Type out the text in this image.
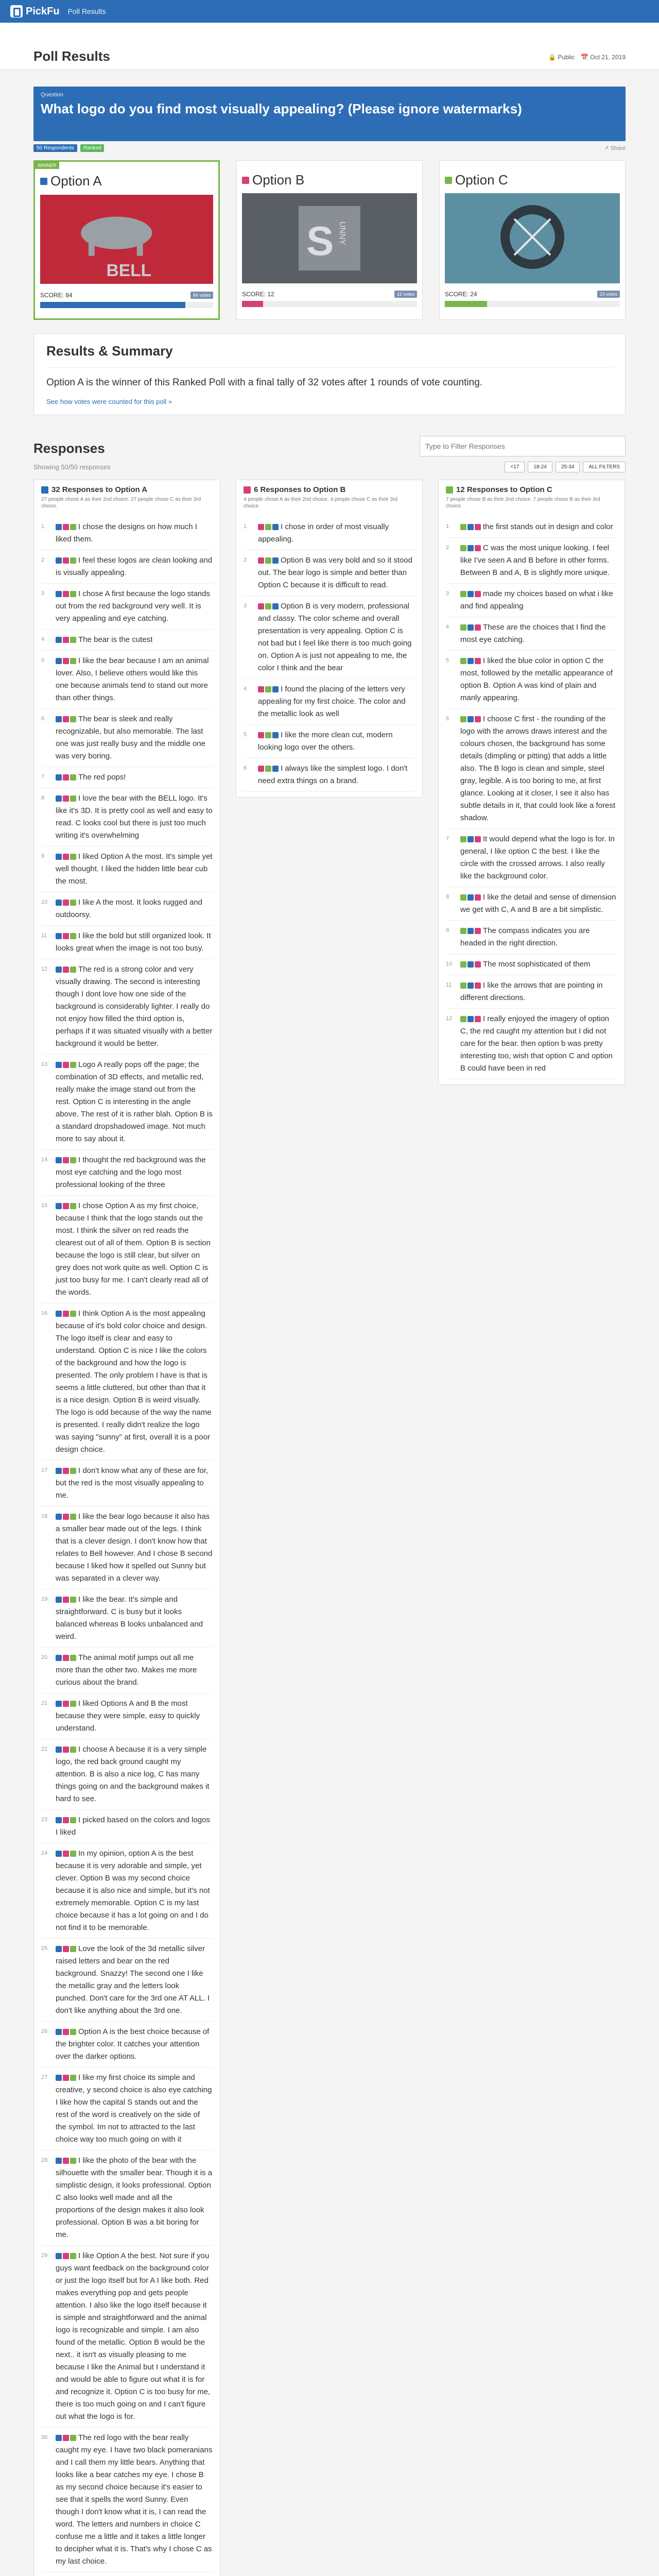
PickFu Poll Results
Poll Results	🔒 Public 📅 Oct 21, 2019
Question
What logo do you find most visually appealing? (Please ignore watermarks)
50 Respondents	Ranked	↗ Share
WINNER
Option A
BELL
SCORE: 84	84 votes
Option B
S UNNY
SCORE: 12	12 votes
Option C
SCORE: 24	24 votes
Results & Summary

Option A is the winner of this Ranked Poll with a final tally of 32 votes after 1 rounds of vote counting.

See how votes were counted for this poll »
Responses
Type to Filter Responses
Showing 50/50 responses	<17	18-24	25-34	ALL FILTERS
32 Responses to Option A
27 people chose A as their 2nd choice. 27 people chose C as their 3rd choice.
1	I chose the designs on how much I liked them.
2	I feel these logos are clean looking and is visually appealing.
3	I chose A first because the logo stands out from the red background very well. It is very appealing and eye catching.
4	The bear is the cutest
5	I like the bear because I am an animal lover. Also, I believe others would like this one because animals tend to stand out more than other things.
6	The bear is sleek and really recognizable, but also memorable. The last one was just really busy and the middle one was very boring.
7	The red pops!
8	I love the bear with the BELL logo. It's like it's 3D. It is pretty cool as well and easy to read. C looks cool but there is just too much writing it's overwhelming
9	I liked Option A the most. It's simple yet well thought. I liked the hidden little bear cub the most.
10	I like A the most. It looks rugged and outdoorsy.
11	I like the bold but still organized look. It looks great when the image is not too busy.
12	The red is a strong color and very visually drawing. The second is interesting though I dont love how one side of the background is considerably lighter. I really do not enjoy how filled the third option is, perhaps if it was situated visually with a better background it would be better.
13	Logo A really pops off the page; the combination of 3D effects, and metallic red, really make the image stand out from the rest. Option C is interesting in the angle above. The rest of it is rather blah. Option B is a standard dropshadowed image. Not much more to say about it.
14	I thought the red background was the most eye catching and the logo most professional looking of the three
15	I chose Option A as my first choice, because I think that the logo stands out the most. I think the silver on red reads the clearest out of all of them. Option B is section because the logo is still clear, but silver on grey does not work quite as well. Option C is just too busy for me. I can't clearly read all of the words.
16	I think Option A is the most appealing because of it's bold color choice and design. The logo itself is clear and easy to understand. Option C is nice I like the colors of the background and how the logo is presented. The only problem I have is that is seems a little cluttered, but other than that it is a nice design. Option B is weird visually. The logo is odd because of the way the name is presented. I really didn't realize the logo was saying "sunny" at first, overall it is a poor design choice.
17	I don't know what any of these are for, but the red is the most visually appealing to me.
18	I like the bear logo because it also has a smaller bear made out of the legs. I think that is a clever design. I don't know how that relates to Bell however. And I chose B second because I liked how it spelled out Sunny but was separated in a clever way.
19	I like the bear. It's simple and straightforward. C is busy but it looks balanced whereas B looks unbalanced and weird.
20	The animal motif jumps out all me more than the other two. Makes me more curious about the brand.
21	I liked Options A and B the most because they were simple, easy to quickly understand.
22	I choose A because it is a very simple logo, the red back ground caught my attention. B is also a nice log, C has many things going on and the background makes it hard to see.
23	I picked based on the colors and logos I liked
24	In my opinion, option A is the best because it is very adorable and simple, yet clever. Option B was my second choice because it is also nice and simple, but it's not extremely memorable. Option C is my last choice because it has a lot going on and I do not find it to be memorable.
25	Love the look of the 3d metallic silver raised letters and bear on the red background. Snazzy! The second one I like the metallic gray and the letters look punched. Don't care for the 3rd one AT ALL. I don't like anything about the 3rd one.
26	Option A is the best choice because of the brighter color. It catches your attention over the darker options.
27	I like my first choice its simple and creative, y second choice is also eye catching I like how the capital S stands out and the rest of the word is creatively on the side of the symbol. Im not to attracted to the last choice way too much going on with it
28	I like the photo of the bear with the silhouette with the smaller bear. Though it is a simplistic design, it looks professional. Option C also looks well made and all the proportions of the design makes it also look professional. Option B was a bit boring for me.
29	I like Option A the best. Not sure if you guys want feedback on the background color or just the logo itself but for A I like both. Red makes everything pop and gets people attention. I also like the logo itself because it is simple and straightforward and the animal logo is recognizable and simple. I am also found of the metallic. Option B would be the next.. it isn't as visually pleasing to me because I like the Animal but I understand it and would be able to figure out what it is for and recognize it. Option C is too busy for me, there is too much going on and I can't figure out what the logo is for.
30	The red logo with the bear really caught my eye. I have two black pomeranians and I call them my little bears. Anything that looks like a bear catches my eye. I chose B as my second choice because it's easier to see that it spells the word Sunny. Even though I don't know what it is, I can read the word. The letters and numbers in choice C confuse me a little and it takes a little longer to decipher what it is. That's why I chose C as my last choice.
6 Responses to Option B
4 people chose A as their 2nd choice. 4 people chose C as their 3rd choice.
1	I chose in order of most visually appealing.
2	Option B was very bold and so it stood out. The bear logo is simple and better than Option C because it is difficult to read.
3	Option B is very modern, professional and classy. The color scheme and overall presentation is very appealing. Option C is not bad but I feel like there is too much going on. Option A is just not appealing to me, the color I think and the bear
4	I found the placing of the letters very appealing for my first choice. The color and the metallic look as well
5	I like the more clean cut, modern looking logo over the others.
6	I always like the simplest logo. I don't need extra things on a brand.
12 Responses to Option C
7 people chose B as their 2nd choice. 7 people chose B as their 3rd choice.
1	the first stands out in design and color
2	C was the most unique looking. I feel like I've seen A and B before in other forms. Between B and A, B is slightly more unique.
3	made my choices based on what i like and find appealing
4	These are the choices that I find the most eye catching.
5	I liked the blue color in option C the most, followed by the metallic appearance of option B. Option A was kind of plain and manly appearing.
6	I choose C first - the rounding of the logo with the arrows draws interest and the colours chosen, the background has some details (dimpling or pitting) that adds a little also. The B logo is clean and simple, steel gray, legible. A is too boring to me, at first glance. Looking at it closer, I see it also has subtle details in it, that could look like a forest shadow.
7	It would depend what the logo is for. In general, I like option C the best. I like the circle with the crossed arrows. I also really like the background color.
8	I like the detail and sense of dimension we get with C, A and B are a bit simplistic.
9	The compass indicates you are headed in the right direction.
10	The most sophisticated of them
11	I like the arrows that are pointing in different directions.
12	I really enjoyed the imagery of option C, the red caught my attention but I did not care for the bear. then option b was pretty interesting too, wish that option C and option B could have been in red
